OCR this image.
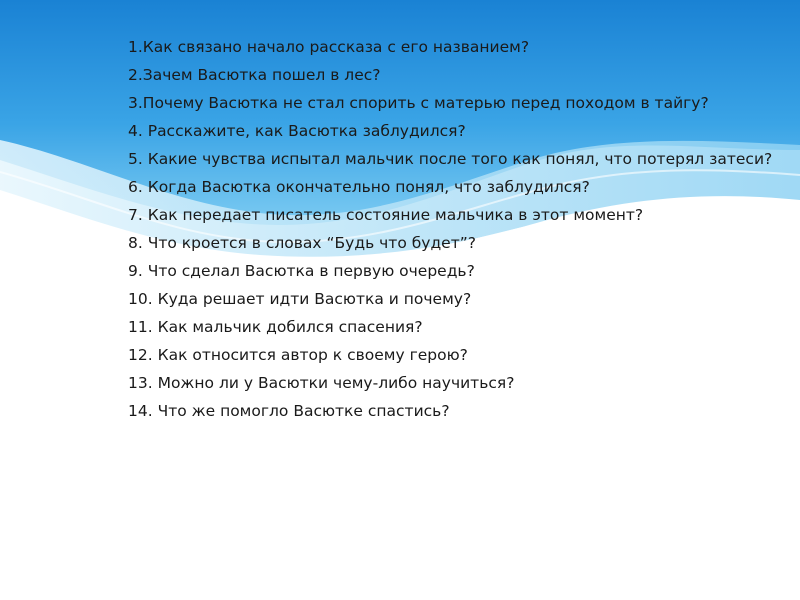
1.Как связано начало рассказа с его названием?
2.Зачем Васютка пошел в лес?
3.Почему Васютка не стал спорить с матерью перед походом в тайгу?
4. Расскажите, как Васютка заблудился?
5. Какие чувства испытал мальчик после того как понял, что потерял затеси?
6. Когда Васютка окончательно понял, что заблудился?
7. Как передает писатель состояние мальчика в этот момент?
8. Что кроется в словах “Будь что будет”?
9. Что сделал Васютка в первую очередь?
10. Куда решает идти Васютка и почему?
11. Как мальчик добился спасения?
12. Как относится автор к своему герою?
13. Можно ли у Васютки чему-либо научиться?
14. Что же помогло Васютке спастись?
